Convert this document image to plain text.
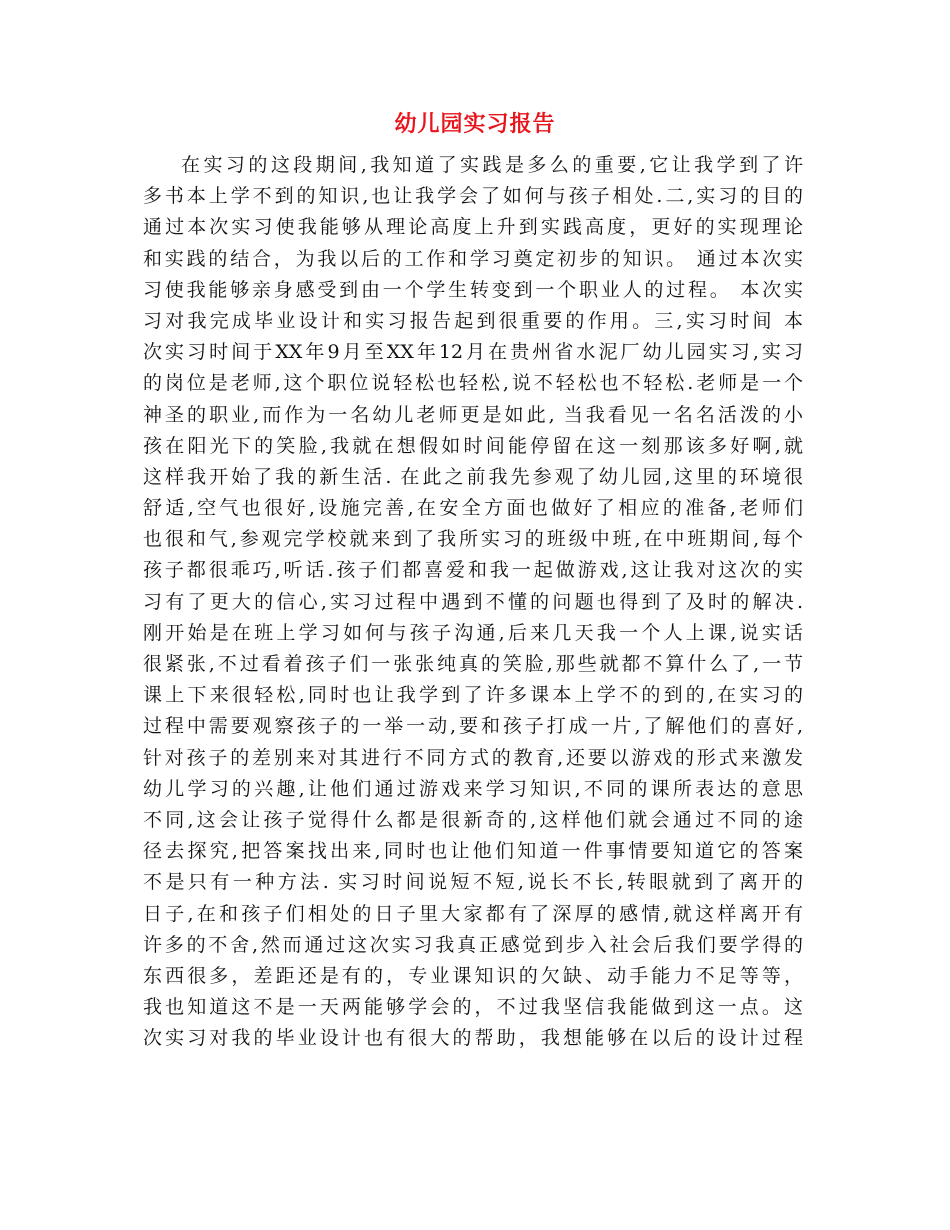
幼儿园实习报告
在实习的这段期间,我知道了实践是多么的重要,它让我学到了许
多书本上学不到的知识,也让我学会了如何与孩子相处.二,实习的目的
通过本次实习使我能够从理论高度上升到实践高度，更好的实现理论
和实践的结合，为我以后的工作和学习奠定初步的知识。 通过本次实
习使我能够亲身感受到由一个学生转变到一个职业人的过程。 本次实
习对我完成毕业设计和实习报告起到很重要的作用。三,实习时间 本
次实习时间于XX年9月至XX年12月在贵州省水泥厂幼儿园实习,实习
的岗位是老师,这个职位说轻松也轻松,说不轻松也不轻松.老师是一个
神圣的职业,而作为一名幼儿老师更是如此, 当我看见一名名活泼的小
孩在阳光下的笑脸,我就在想假如时间能停留在这一刻那该多好啊,就
这样我开始了我的新生活. 在此之前我先参观了幼儿园,这里的环境很
舒适,空气也很好,设施完善,在安全方面也做好了相应的准备,老师们
也很和气,参观完学校就来到了我所实习的班级中班,在中班期间,每个
孩子都很乖巧,听话.孩子们都喜爱和我一起做游戏,这让我对这次的实
习有了更大的信心,实习过程中遇到不懂的问题也得到了及时的解决.
刚开始是在班上学习如何与孩子沟通,后来几天我一个人上课,说实话
很紧张,不过看着孩子们一张张纯真的笑脸,那些就都不算什么了,一节
课上下来很轻松,同时也让我学到了许多课本上学不的到的,在实习的
过程中需要观察孩子的一举一动,要和孩子打成一片,了解他们的喜好,
针对孩子的差别来对其进行不同方式的教育,还要以游戏的形式来激发
幼儿学习的兴趣,让他们通过游戏来学习知识,不同的课所表达的意思
不同,这会让孩子觉得什么都是很新奇的,这样他们就会通过不同的途
径去探究,把答案找出来,同时也让他们知道一件事情要知道它的答案
不是只有一种方法. 实习时间说短不短,说长不长,转眼就到了离开的
日子,在和孩子们相处的日子里大家都有了深厚的感情,就这样离开有
许多的不舍,然而通过这次实习我真正感觉到步入社会后我们要学得的
东西很多，差距还是有的，专业课知识的欠缺、动手能力不足等等，
我也知道这不是一天两能够学会的，不过我坚信我能做到这一点。这
次实习对我的毕业设计也有很大的帮助，我想能够在以后的设计过程
